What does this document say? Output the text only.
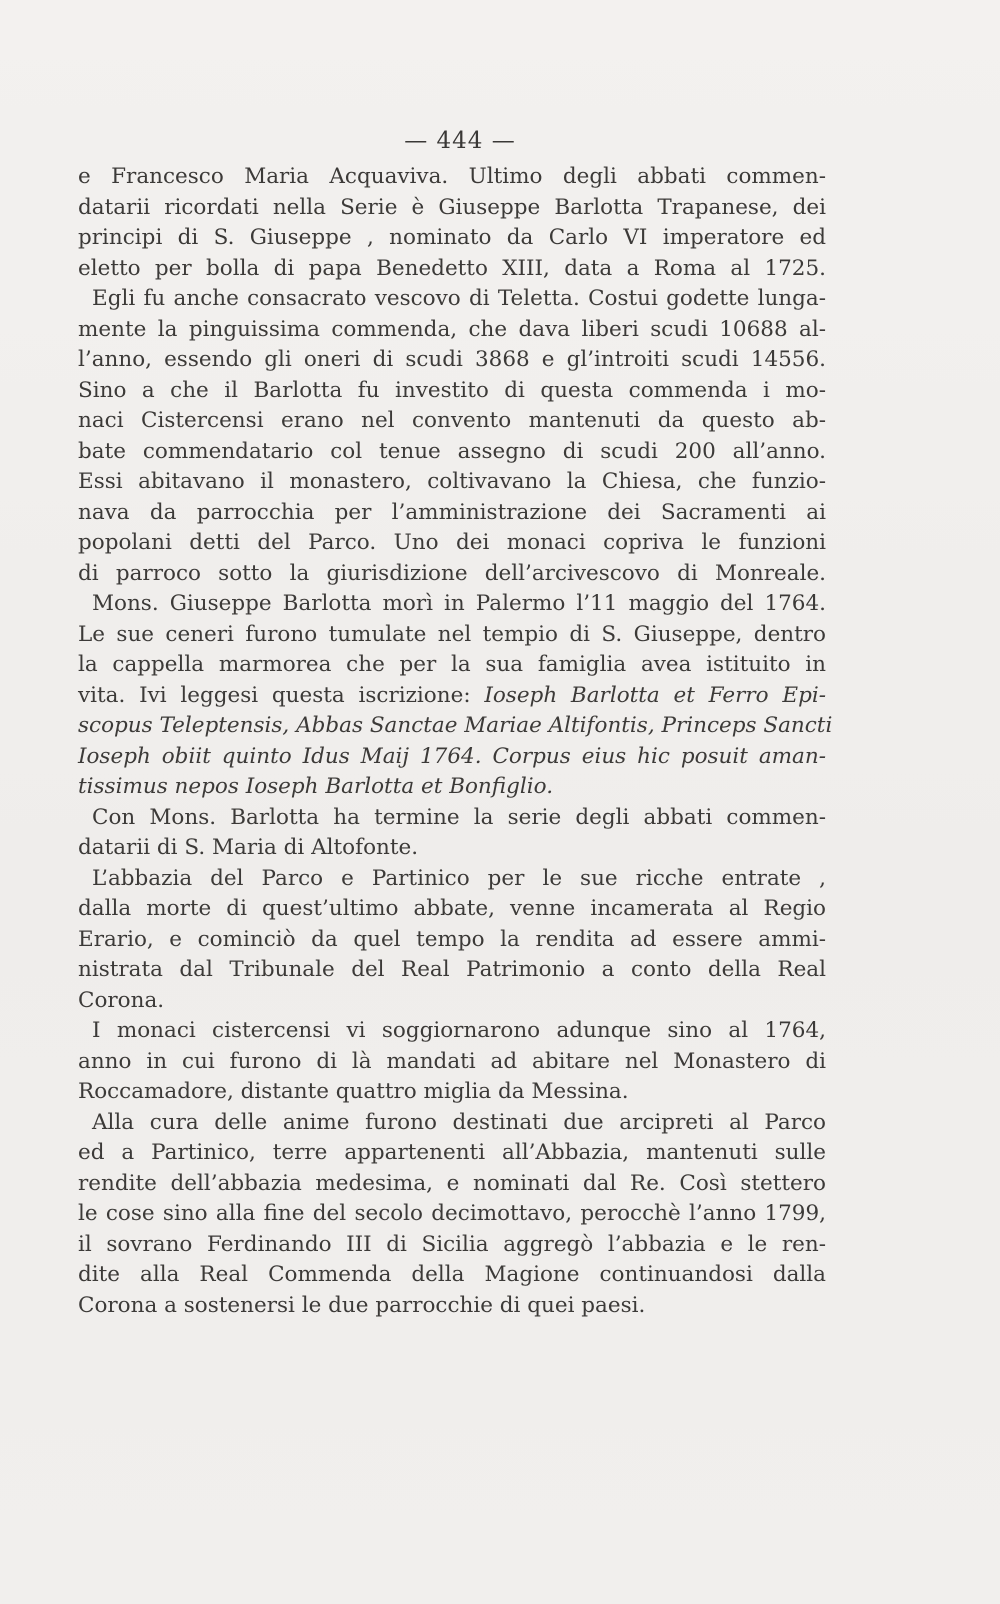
— 444 —
e Francesco Maria Acquaviva. Ultimo degli abbati commen-
datarii ricordati nella Serie è Giuseppe Barlotta Trapanese, dei
principi di S. Giuseppe , nominato da Carlo VI imperatore ed
eletto per bolla di papa Benedetto XIII, data a Roma al 1725.
Egli fu anche consacrato vescovo di Teletta. Costui godette lunga-
mente la pinguissima commenda, che dava liberi scudi 10688 al-
l’anno, essendo gli oneri di scudi 3868 e gl’introiti scudi 14556.
Sino a che il Barlotta fu investito di questa commenda i mo-
naci Cistercensi erano nel convento mantenuti da questo ab-
bate commendatario col tenue assegno di scudi 200 all’anno.
Essi abitavano il monastero, coltivavano la Chiesa, che funzio-
nava da parrocchia per l’amministrazione dei Sacramenti ai
popolani detti del Parco. Uno dei monaci copriva le funzioni
di parroco sotto la giurisdizione dell’arcivescovo di Monreale.
Mons. Giuseppe Barlotta morì in Palermo l’11 maggio del 1764.
Le sue ceneri furono tumulate nel tempio di S. Giuseppe, dentro
la cappella marmorea che per la sua famiglia avea istituito in
vita. Ivi leggesi questa iscrizione: Ioseph Barlotta et Ferro Epi-
scopus Teleptensis, Abbas Sanctae Mariae Altifontis, Princeps Sancti
Ioseph obiit quinto Idus Maij 1764. Corpus eius hic posuit aman-
tissimus nepos Ioseph Barlotta et Bonfiglio.
Con Mons. Barlotta ha termine la serie degli abbati commen-
datarii di S. Maria di Altofonte.
L’abbazia del Parco e Partinico per le sue ricche entrate ,
dalla morte di quest’ultimo abbate, venne incamerata al Regio
Erario, e cominciò da quel tempo la rendita ad essere ammi-
nistrata dal Tribunale del Real Patrimonio a conto della Real
Corona.
I monaci cistercensi vi soggiornarono adunque sino al 1764,
anno in cui furono di là mandati ad abitare nel Monastero di
Roccamadore, distante quattro miglia da Messina.
Alla cura delle anime furono destinati due arcipreti al Parco
ed a Partinico, terre appartenenti all’Abbazia, mantenuti sulle
rendite dell’abbazia medesima, e nominati dal Re. Così stettero
le cose sino alla fine del secolo decimottavo, perocchè l’anno 1799,
il sovrano Ferdinando III di Sicilia aggregò l’abbazia e le ren-
dite alla Real Commenda della Magione continuandosi dalla
Corona a sostenersi le due parrocchie di quei paesi.
